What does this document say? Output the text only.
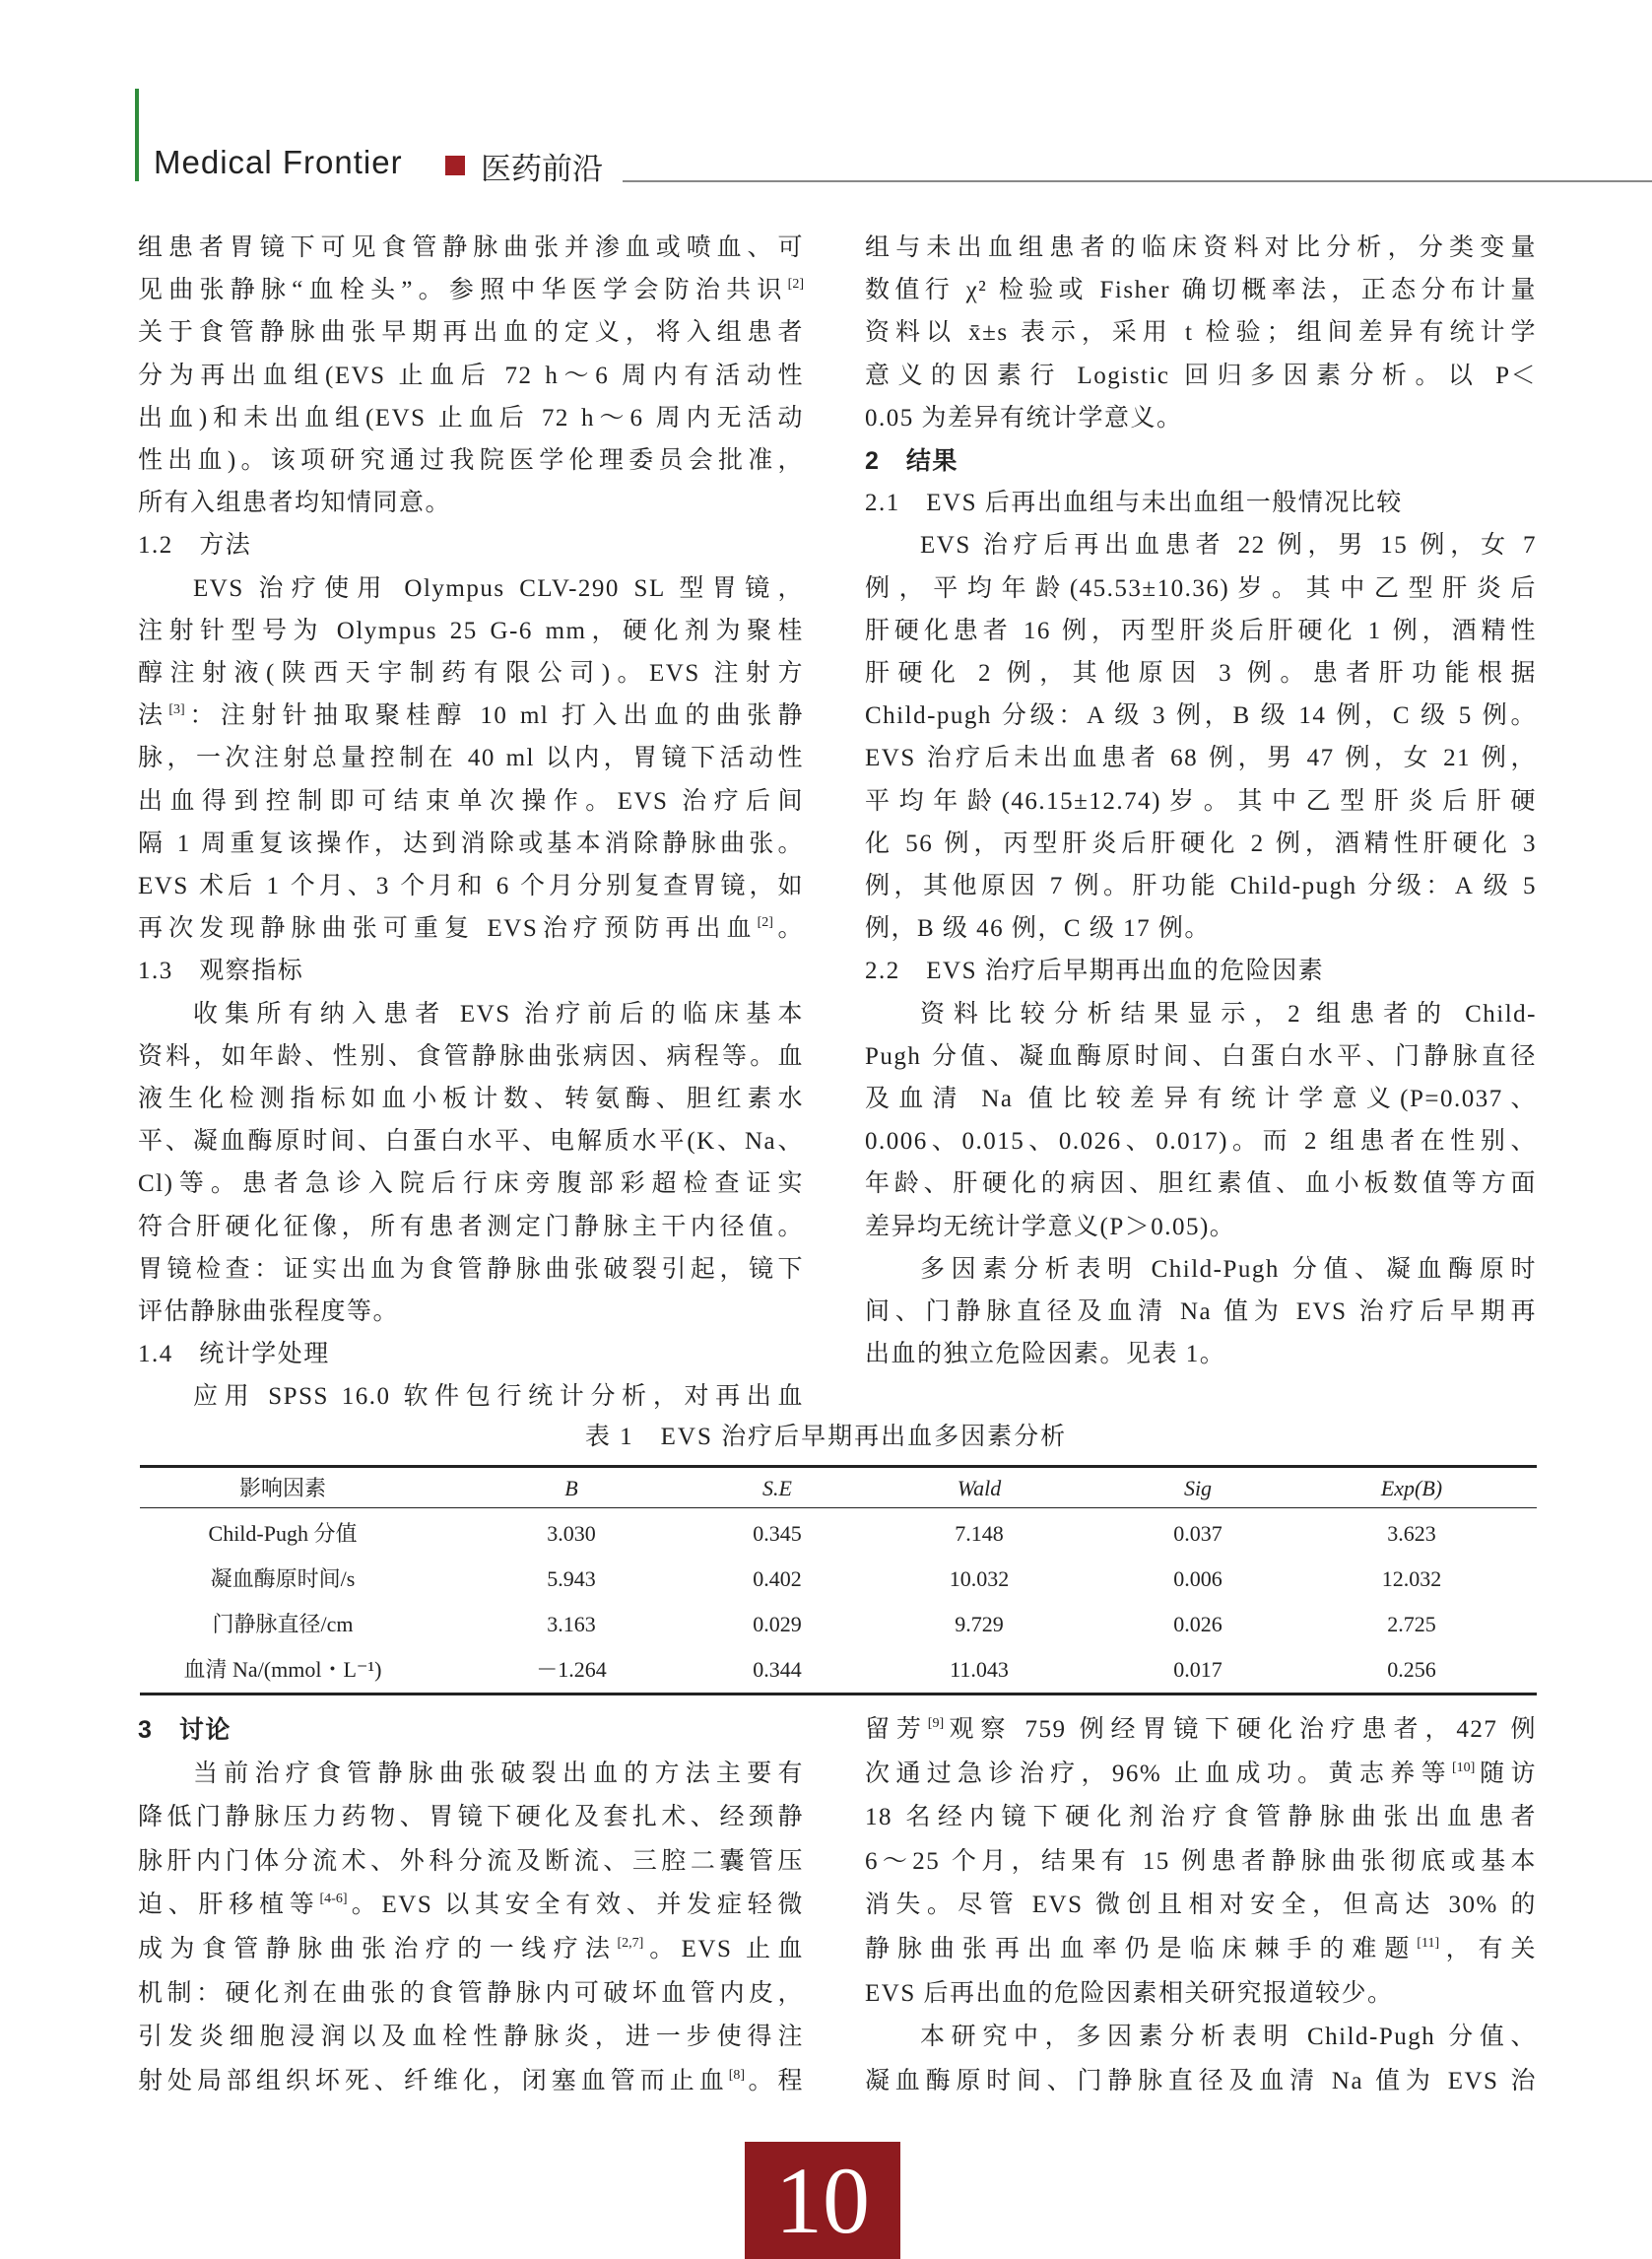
Medical Frontier	医药前沿
组患者胃镜下可见食管静脉曲张并渗血或喷血、可
见曲张静脉“血栓头”。参照中华医学会防治共识[2]
关于食管静脉曲张早期再出血的定义，将入组患者
分为再出血组(EVS 止血后 72 h～6 周内有活动性
出血)和未出血组(EVS 止血后 72 h～6 周内无活动
性出血)。该项研究通过我院医学伦理委员会批准，
所有入组患者均知情同意。
1.2　方法
EVS 治疗使用 Olympus CLV-290 SL 型胃镜，
注射针型号为 Olympus 25 G-6 mm，硬化剂为聚桂
醇注射液(陕西天宇制药有限公司)。EVS 注射方
法[3]：注射针抽取聚桂醇 10 ml 打入出血的曲张静
脉，一次注射总量控制在 40 ml 以内，胃镜下活动性
出血得到控制即可结束单次操作。EVS 治疗后间
隔 1 周重复该操作，达到消除或基本消除静脉曲张。
EVS 术后 1 个月、3 个月和 6 个月分别复查胃镜，如
再次发现静脉曲张可重复 EVS治疗预防再出血[2]。
1.3　观察指标
收集所有纳入患者 EVS 治疗前后的临床基本
资料，如年龄、性别、食管静脉曲张病因、病程等。血
液生化检测指标如血小板计数、转氨酶、胆红素水
平、凝血酶原时间、白蛋白水平、电解质水平(K、Na、
Cl)等。患者急诊入院后行床旁腹部彩超检查证实
符合肝硬化征像，所有患者测定门静脉主干内径值。
胃镜检查：证实出血为食管静脉曲张破裂引起，镜下
评估静脉曲张程度等。
1.4　统计学处理
应用 SPSS 16.0 软件包行统计分析，对再出血
组与未出血组患者的临床资料对比分析，分类变量
数值行 χ² 检验或 Fisher 确切概率法，正态分布计量
资料以 x̄±s 表示，采用 t 检验；组间差异有统计学
意义的因素行 Logistic 回归多因素分析。以 P＜
0.05 为差异有统计学意义。
2　结果
2.1　EVS 后再出血组与未出血组一般情况比较
EVS 治疗后再出血患者 22 例，男 15 例，女 7
例，平均年龄(45.53±10.36)岁。其中乙型肝炎后
肝硬化患者 16 例，丙型肝炎后肝硬化 1 例，酒精性
肝硬化 2 例，其他原因 3 例。患者肝功能根据
Child-pugh 分级：A 级 3 例，B 级 14 例，C 级 5 例。
EVS 治疗后未出血患者 68 例，男 47 例，女 21 例，
平均年龄(46.15±12.74)岁。其中乙型肝炎后肝硬
化 56 例，丙型肝炎后肝硬化 2 例，酒精性肝硬化 3
例，其他原因 7 例。肝功能 Child-pugh 分级：A 级 5
例，B 级 46 例，C 级 17 例。
2.2　EVS 治疗后早期再出血的危险因素
资料比较分析结果显示，2 组患者的 Child-
Pugh 分值、凝血酶原时间、白蛋白水平、门静脉直径
及血清 Na 值比较差异有统计学意义(P=0.037、
0.006、0.015、0.026、0.017)。而 2 组患者在性别、
年龄、肝硬化的病因、胆红素值、血小板数值等方面
差异均无统计学意义(P＞0.05)。
多因素分析表明 Child-Pugh 分值、凝血酶原时
间、门静脉直径及血清 Na 值为 EVS 治疗后早期再
出血的独立危险因素。见表 1。
3　讨论
当前治疗食管静脉曲张破裂出血的方法主要有
降低门静脉压力药物、胃镜下硬化及套扎术、经颈静
脉肝内门体分流术、外科分流及断流、三腔二囊管压
迫、肝移植等[4-6]。EVS 以其安全有效、并发症轻微
成为食管静脉曲张治疗的一线疗法[2,7]。EVS 止血
机制：硬化剂在曲张的食管静脉内可破坏血管内皮，
引发炎细胞浸润以及血栓性静脉炎，进一步使得注
射处局部组织坏死、纤维化，闭塞血管而止血[8]。程
留芳[9]观察 759 例经胃镜下硬化治疗患者，427 例
次通过急诊治疗，96% 止血成功。黄志养等[10]随访
18 名经内镜下硬化剂治疗食管静脉曲张出血患者
6～25 个月，结果有 15 例患者静脉曲张彻底或基本
消失。尽管 EVS 微创且相对安全，但高达 30% 的
静脉曲张再出血率仍是临床棘手的难题[11]，有关
EVS 后再出血的危险因素相关研究报道较少。
本研究中，多因素分析表明 Child-Pugh 分值、
凝血酶原时间、门静脉直径及血清 Na 值为 EVS 治
表 1　EVS 治疗后早期再出血多因素分析
影响因素	B	S.E	Wald	Sig	Exp(B)
Child-Pugh 分值	3.030	0.345	7.148	0.037	3.623
凝血酶原时间/s	5.943	0.402	10.032	0.006	12.032
门静脉直径/cm	3.163	0.029	9.729	0.026	2.725
血清 Na/(mmol・L⁻¹)	－1.264	0.344	11.043	0.017	0.256
10
